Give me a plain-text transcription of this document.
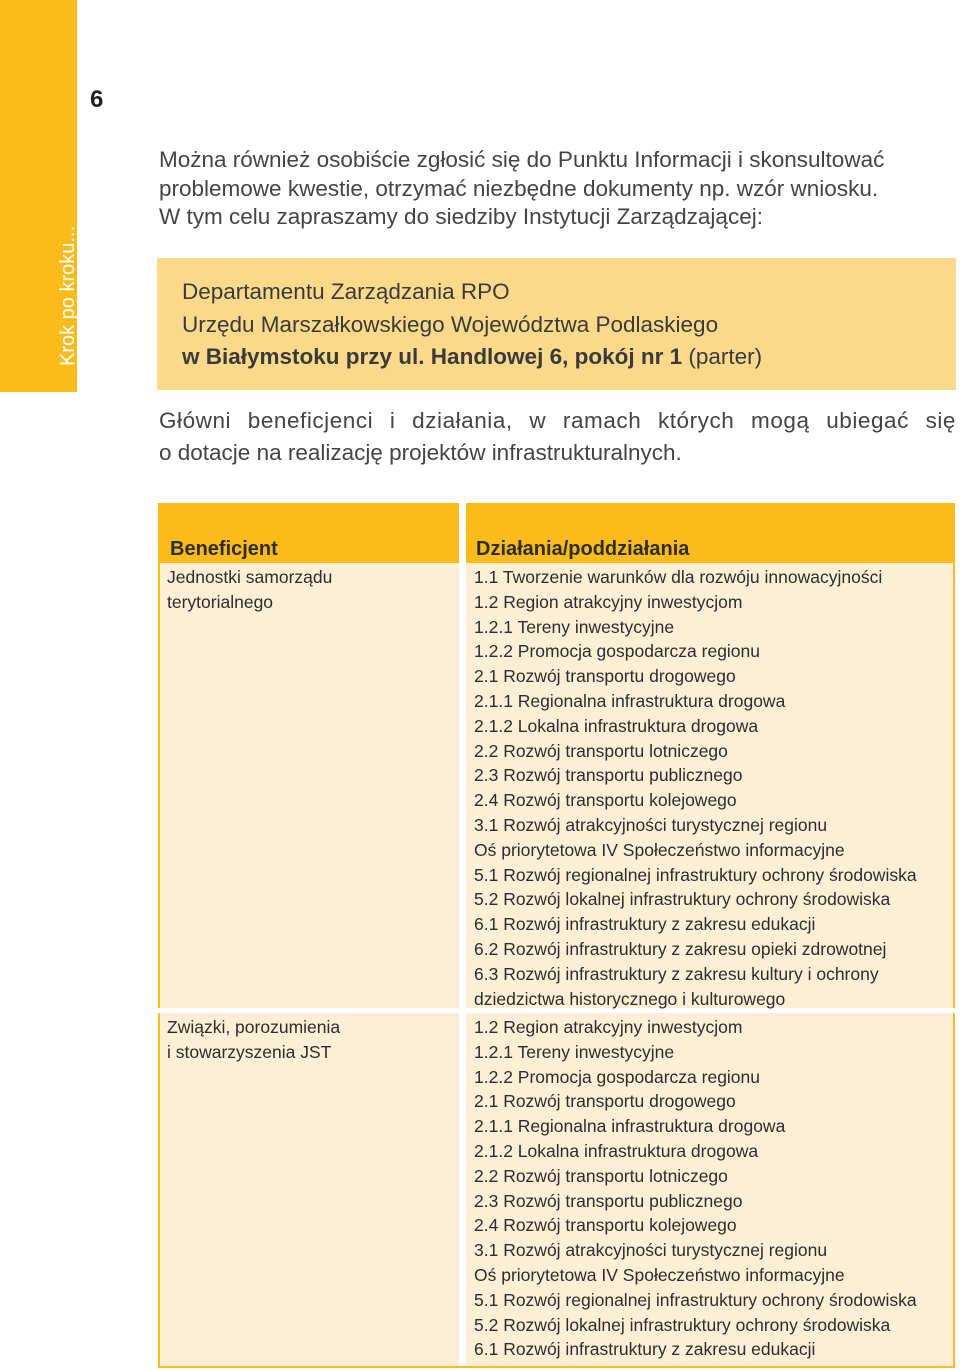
Krok po kroku...
6
Można również osobiście zgłosić się do Punktu Informacji i skonsultować
problemowe kwestie, otrzymać niezbędne dokumenty np. wzór wniosku.
W tym celu zapraszamy do siedziby Instytucji Zarządzającej:
Departamentu Zarządzania RPO
Urzędu Marszałkowskiego Województwa Podlaskiego
w Białymstoku przy ul. Handlowej 6, pokój nr 1 (parter)
Główni beneficjenci i działania, w ramach których mogą ubiegać się
o dotacje na realizację projektów infrastrukturalnych.
Beneficjent	Działania/poddziałania
Jednostki samorządu
terytorialnego
1.1 Tworzenie warunków dla rozwóju innowacyjności
1.2 Region atrakcyjny inwestycjom
1.2.1 Tereny inwestycyjne
1.2.2 Promocja gospodarcza regionu
2.1 Rozwój transportu drogowego
2.1.1 Regionalna infrastruktura drogowa
2.1.2 Lokalna infrastruktura drogowa
2.2 Rozwój transportu lotniczego
2.3 Rozwój transportu publicznego
2.4 Rozwój transportu kolejowego
3.1 Rozwój atrakcyjności turystycznej regionu
Oś priorytetowa IV Społeczeństwo informacyjne
5.1 Rozwój regionalnej infrastruktury ochrony środowiska
5.2 Rozwój lokalnej infrastruktury ochrony środowiska
6.1 Rozwój infrastruktury z zakresu edukacji
6.2 Rozwój infrastruktury z zakresu opieki zdrowotnej
6.3 Rozwój infrastruktury z zakresu kultury i ochrony
dziedzictwa historycznego i kulturowego
Związki, porozumienia
i stowarzyszenia JST
1.2 Region atrakcyjny inwestycjom
1.2.1 Tereny inwestycyjne
1.2.2 Promocja gospodarcza regionu
2.1 Rozwój transportu drogowego
2.1.1 Regionalna infrastruktura drogowa
2.1.2 Lokalna infrastruktura drogowa
2.2 Rozwój transportu lotniczego
2.3 Rozwój transportu publicznego
2.4 Rozwój transportu kolejowego
3.1 Rozwój atrakcyjności turystycznej regionu
Oś priorytetowa IV Społeczeństwo informacyjne
5.1 Rozwój regionalnej infrastruktury ochrony środowiska
5.2 Rozwój lokalnej infrastruktury ochrony środowiska
6.1 Rozwój infrastruktury z zakresu edukacji
